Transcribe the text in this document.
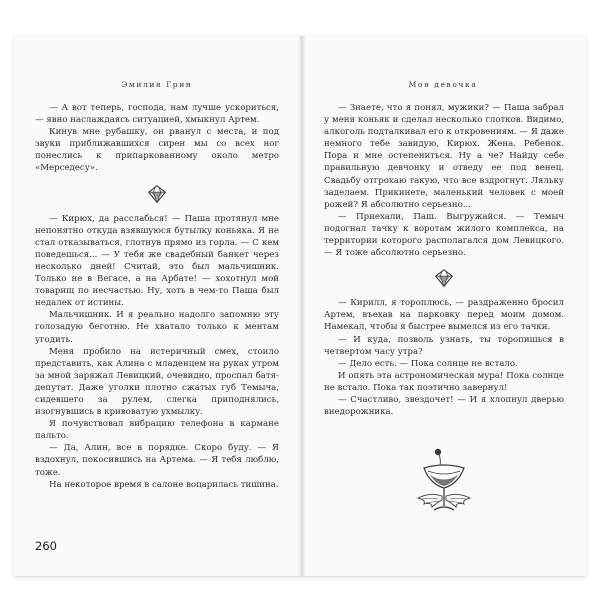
Эмилия Грин

— А вот теперь, господа, нам лучше ускориться, — явно наслаждаясь ситуацией, хмыкнул Артем.

Кинув мне рубашку, он рванул с места, и под звуки приближавшихся сирен мы со всех ног понеслись к припаркованному около метро «Мерседесу».

— Кирюх, да расслабься! — Паша протянул мне непонятно откуда взявшуюся бутылку коньяка. Я не стал отказываться, глотнув прямо из горла. — С кем поведешься... — У тебя же свадебный банкет через несколько дней! Считай, это был мальчишник. Только не в Вегасе, а на Арбате! — хохотнул мой товарищ по несчастью. Ну, хоть в чем-то Паша был недалек от истины.

Мальчишник. И я реально надолго запомню эту голозадую беготню. Не хватало только к ментам угодить.

Меня пробило на истеричный смех, стоило представить, как Алина с младенцем на руках утром за мной заряжал Левицкий, очевидно, проспал батя-депутат. Даже уголки плотно сжатых губ Темыча, сидевшего за рулем, слегка приподнялись, изогнувшись в кривоватую ухмылку.

Я почувствовал вибрацию телефона в кармане пальто.

— Да, Алин, все в порядке. Скоро буду. — Я вздохнул, покосившись на Артема. — Я тебя люблю, тоже.

На некоторое время в салоне воцарилась тишина.

260
Моя девочка

— Знаете, что я понял, мужики? — Паша забрал у меня коньяк и сделал несколько глотков. Видимо, алкоголь подталкивал его к откровениям. — Я даже немного тебе завидую, Кирюх. Жена. Ребенок. Пора и мне остепениться. Ну а че? Найду себе правильную девчонку и отведу ее под венец. Свадьбу отгрохаю такую, что все вздрогнут. Ляльку заделаем. Прикинете, маленький человек с моей рожей? Я абсолютно серьезно...

— Приехали, Паш. Выгружайся. — Темыч подогнал тачку к воротам жилого комплекса, на территории которого располагался дом Левицкого. — Я тоже абсолютно серьезно.

— Кирилл, я тороплюсь, — раздраженно бросил Артем, въехав на парковку перед моим домом. Намекал, чтобы я быстрее вымелся из его тачки.

— И куда, позволь узнать, ты торопишься в четвертом часу утра?

— Дело есть. — Пока солнце не встало.

И опять эта астрономическая мура! Пока солнце не встало. Пока так поэтично завернул!

— Счастливо, звездочет! — И я хлопнул дверью внедорожника.
